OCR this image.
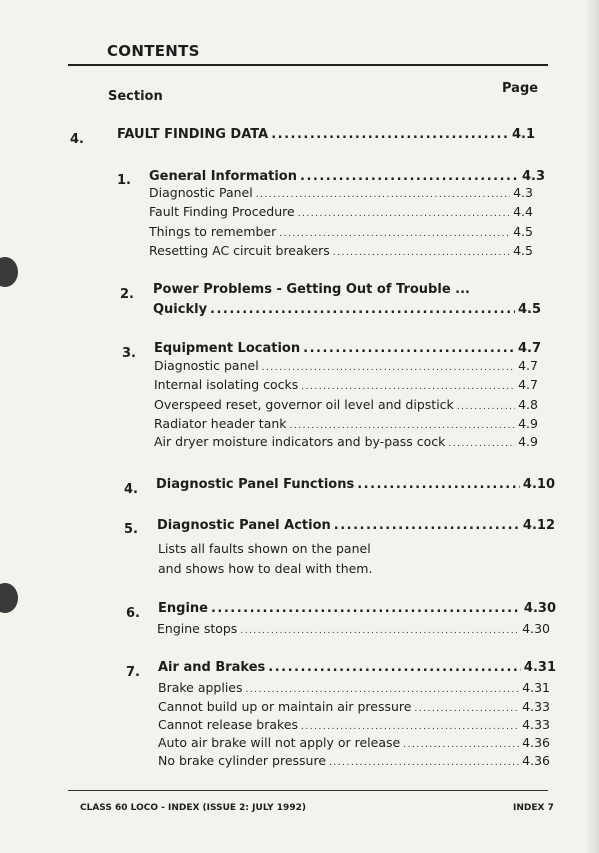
CONTENTS
Section
Page
4.	FAULT FINDING DATA .....	4.1
1. General Information .....	4.3
Diagnostic Panel .....	4.3
Fault Finding Procedure .....	4.4
Things to remember .....	4.5
Resetting AC circuit breakers .....	4.5
2. Power Problems - Getting Out of Trouble ...
Quickly .....	4.5
3. Equipment Location .....	4.7
Diagnostic panel .....	4.7
Internal isolating cocks .....	4.7
Overspeed reset, governor oil level and dipstick .....	4.8
Radiator header tank .....	4.9
Air dryer moisture indicators and by-pass cock .....	4.9
4. Diagnostic Panel Functions .....	4.10
5. Diagnostic Panel Action .....	4.12
Lists all faults shown on the panel
and shows how to deal with them.
6. Engine .....	4.30
Engine stops .....	4.30
7. Air and Brakes .....	4.31
Brake applies .....	4.31
Cannot build up or maintain air pressure .....	4.33
Cannot release brakes .....	4.33
Auto air brake will not apply or release .....	4.36
No brake cylinder pressure .....	4.36
CLASS 60 LOCO - INDEX (ISSUE 2: JULY 1992)	INDEX 7
